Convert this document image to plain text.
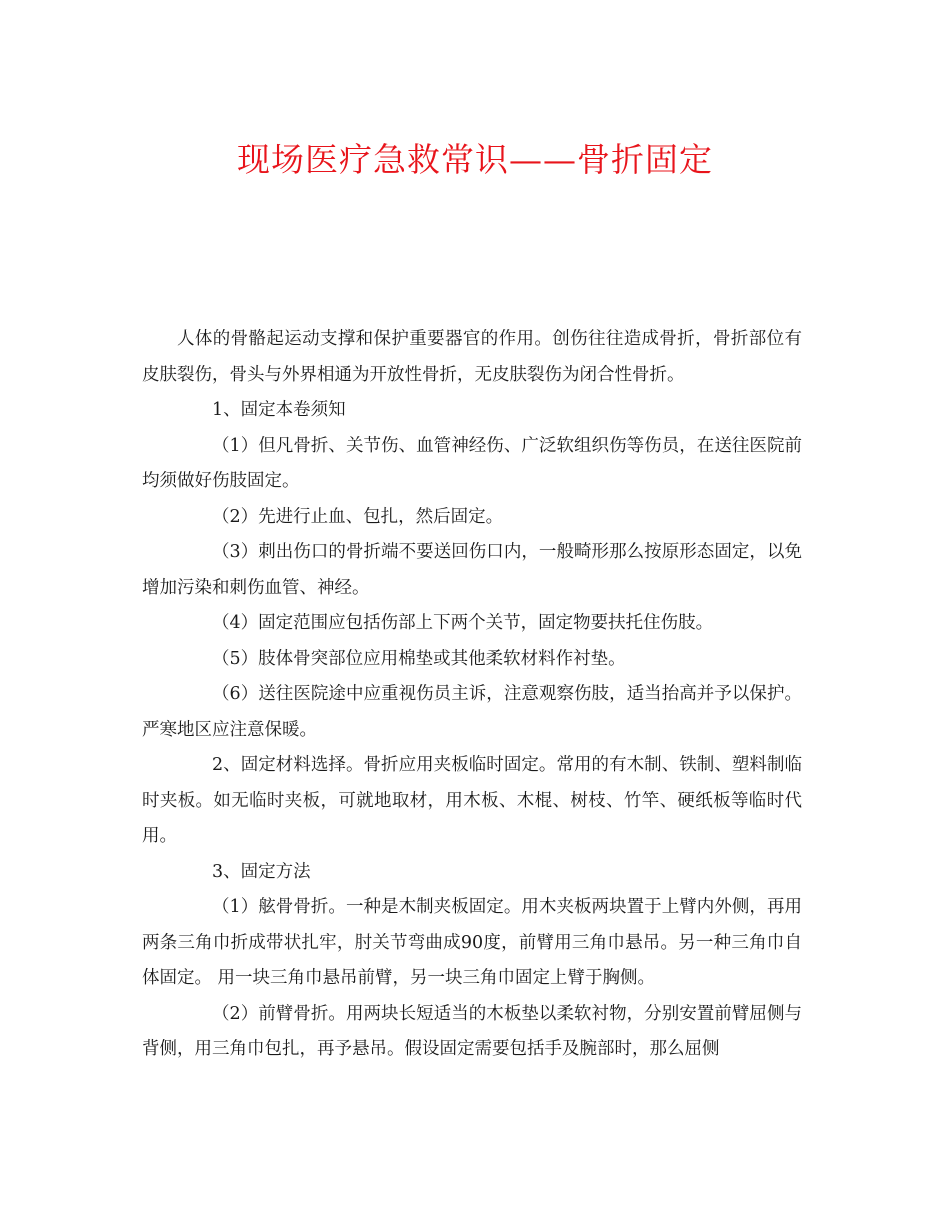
现场医疗急救常识——骨折固定

人体的骨骼起运动支撑和保护重要器官的作用。创伤往往造成骨折，骨折部位有皮肤裂伤，骨头与外界相通为开放性骨折，无皮肤裂伤为闭合性骨折。

1、固定本卷须知

（1）但凡骨折、关节伤、血管神经伤、广泛软组织伤等伤员，在送往医院前均须做好伤肢固定。

（2）先进行止血、包扎，然后固定。

（3）刺出伤口的骨折端不要送回伤口内，一般畸形那么按原形态固定，以免增加污染和刺伤血管、神经。

（4）固定范围应包括伤部上下两个关节，固定物要扶托住伤肢。

（5）肢体骨突部位应用棉垫或其他柔软材料作衬垫。

（6）送往医院途中应重视伤员主诉，注意观察伤肢，适当抬高并予以保护。严寒地区应注意保暖。

2、固定材料选择。骨折应用夹板临时固定。常用的有木制、铁制、塑料制临时夹板。如无临时夹板，可就地取材，用木板、木棍、树枝、竹竿、硬纸板等临时代用。

3、固定方法

（1）舷骨骨折。一种是木制夹板固定。用木夹板两块置于上臂内外侧，再用两条三角巾折成带状扎牢，肘关节弯曲成90度，前臂用三角巾悬吊。另一种三角巾自体固定。 用一块三角巾悬吊前臂，另一块三角巾固定上臂于胸侧。

（2）前臂骨折。用两块长短适当的木板垫以柔软衬物，分别安置前臂屈侧与背侧，用三角巾包扎，再予悬吊。假设固定需要包括手及腕部时，那么屈侧
